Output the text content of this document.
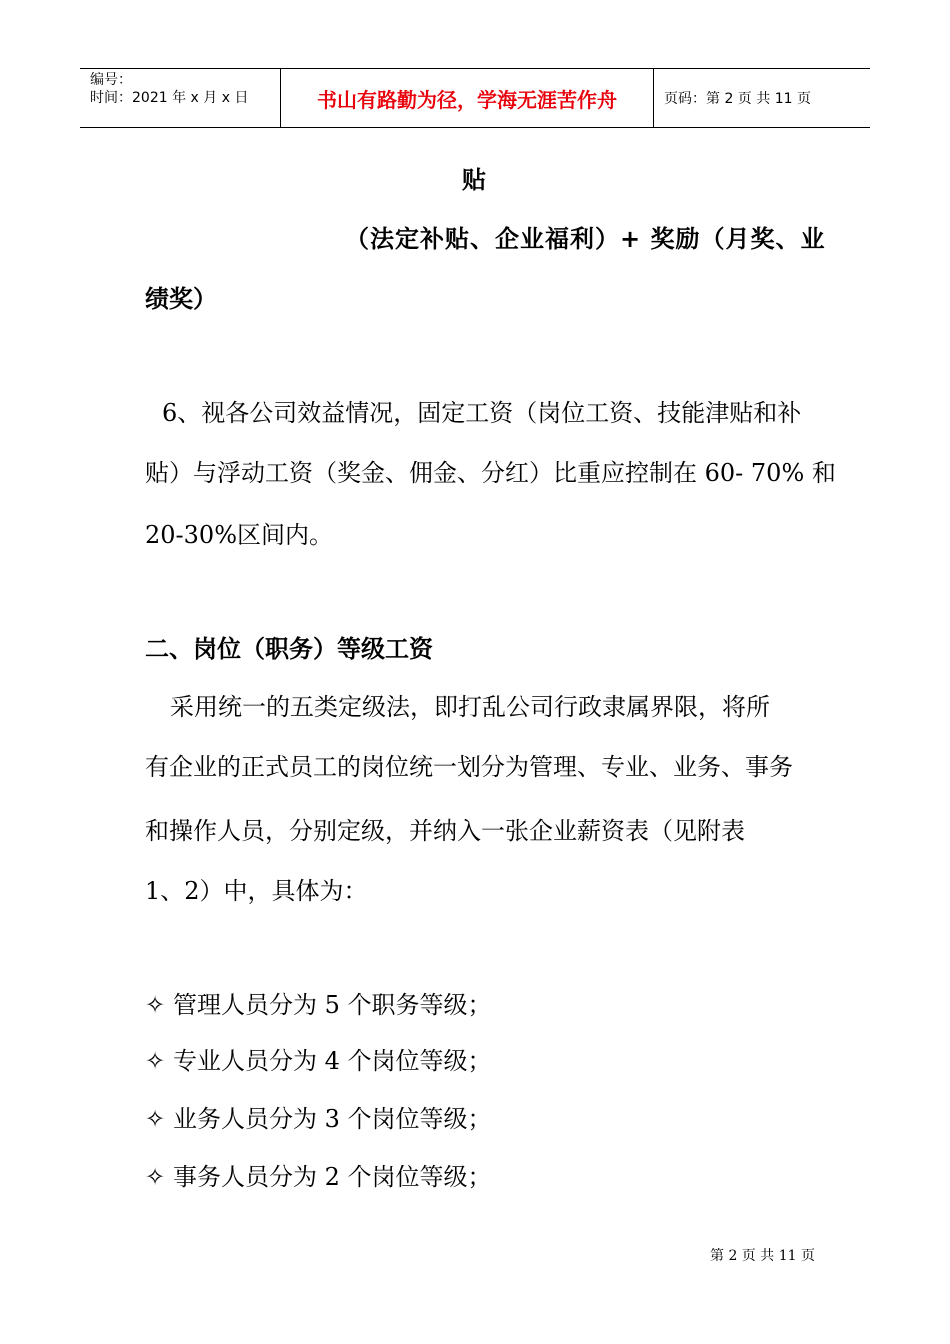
编号：
时间：2021 年 x 月 x 日	书山有路勤为径，学海无涯苦作舟	页码：第 2 页 共 11 页
贴
（法定补贴、企业福利）+ 奖励（月奖、业
绩奖）
6、视各公司效益情况，固定工资（岗位工资、技能津贴和补
贴）与浮动工资（奖金、佣金、分红）比重应控制在 60- 70% 和
20-30%区间内。
二、岗位（职务）等级工资
采用统一的五类定级法，即打乱公司行政隶属界限，将所
有企业的正式员工的岗位统一划分为管理、专业、业务、事务
和操作人员，分别定级，并纳入一张企业薪资表（见附表
1、2）中，具体为：
✧ 管理人员分为 5 个职务等级；
✧ 专业人员分为 4 个岗位等级；
✧ 业务人员分为 3 个岗位等级；
✧ 事务人员分为 2 个岗位等级；
第 2 页 共 11 页
